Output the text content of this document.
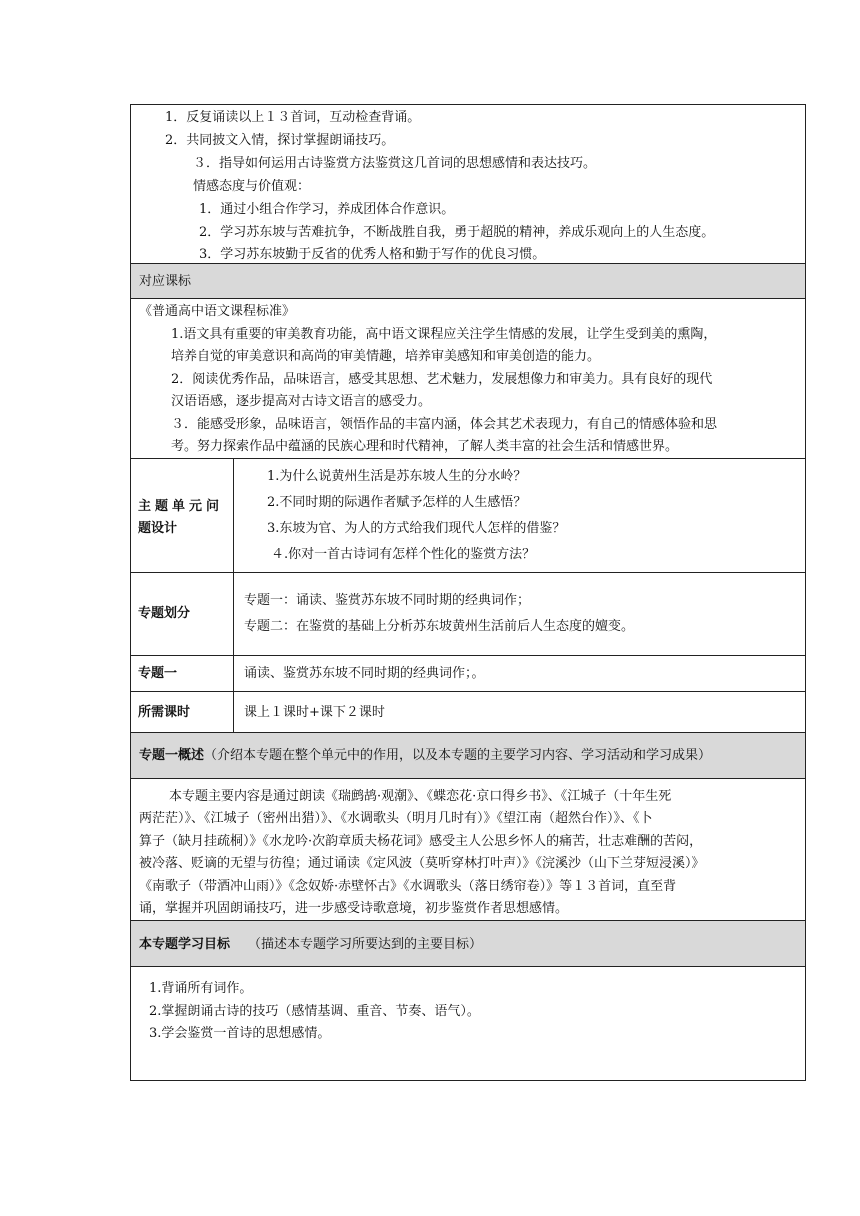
1．反复诵读以上１３首词，互动检查背诵。
2．共同披文入情，探讨掌握朗诵技巧。
３．指导如何运用古诗鉴赏方法鉴赏这几首词的思想感情和表达技巧。
情感态度与价值观：
1．通过小组合作学习，养成团体合作意识。
2．学习苏东坡与苦难抗争，不断战胜自我，勇于超脱的精神，养成乐观向上的人生态度。
3．学习苏东坡勤于反省的优秀人格和勤于写作的优良习惯。
对应课标
《普通高中语文课程标准》
1.语文具有重要的审美教育功能，高中语文课程应关注学生情感的发展，让学生受到美的熏陶，
培养自觉的审美意识和高尚的审美情趣，培养审美感知和审美创造的能力。
2．阅读优秀作品，品味语言，感受其思想、艺术魅力，发展想像力和审美力。具有良好的现代
汉语语感，逐步提高对古诗文语言的感受力。
３．能感受形象，品味语言，领悟作品的丰富内涵，体会其艺术表现力，有自己的情感体验和思
考。努力探索作品中蕴涵的民族心理和时代精神，了解人类丰富的社会生活和情感世界。
主题单元问
题设计
1.为什么说黄州生活是苏东坡人生的分水岭？
2.不同时期的际遇作者赋予怎样的人生感悟？
3.东坡为官、为人的方式给我们现代人怎样的借鉴？
４.你对一首古诗词有怎样个性化的鉴赏方法？
专题划分
专题一：诵读、鉴赏苏东坡不同时期的经典词作；
专题二：在鉴赏的基础上分析苏东坡黄州生活前后人生态度的嬗变。
专题一	诵读、鉴赏苏东坡不同时期的经典词作；。
所需课时	课上１课时+课下２课时
专题一概述（介绍本专题在整个单元中的作用，以及本专题的主要学习内容、学习活动和学习成果）
本专题主要内容是通过朗读《瑞鹧鸪·观潮》、《蝶恋花·京口得乡书》、《江城子（十年生死
两茫茫）》、《江城子（密州出猎）》、《水调歌头（明月几时有）》《望江南（超然台作）》、《卜
算子（缺月挂疏桐）》《水龙吟·次韵章质夫杨花词》感受主人公思乡怀人的痛苦，壮志难酬的苦闷，
被冷落、贬谪的无望与彷徨；通过诵读《定风波（莫听穿林打叶声）》《浣溪沙（山下兰芽短浸溪）》
《南歌子（带酒冲山雨）》《念奴娇·赤壁怀古》《水调歌头（落日绣帘卷）》等１３首词，直至背
诵，掌握并巩固朗诵技巧，进一步感受诗歌意境，初步鉴赏作者思想感情。
本专题学习目标 （描述本专题学习所要达到的主要目标）
1.背诵所有词作。
2.掌握朗诵古诗的技巧（感情基调、重音、节奏、语气）。
3.学会鉴赏一首诗的思想感情。
